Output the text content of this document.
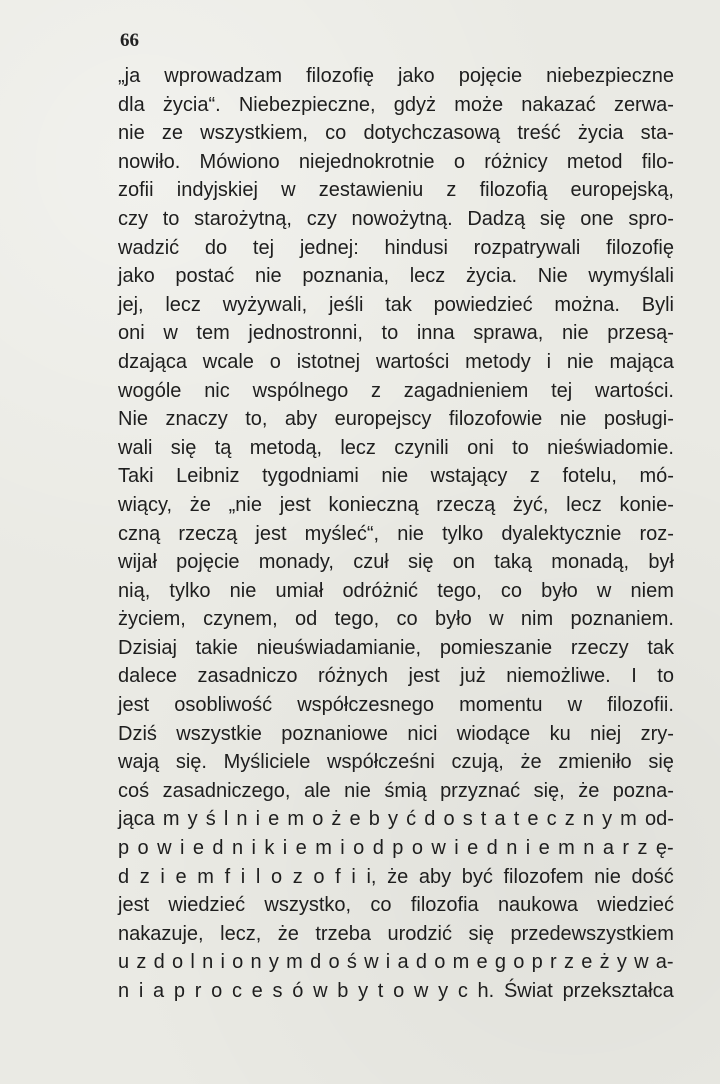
66
„ja wprowadzam filozofię jako pojęcie niebezpieczne
dla życia“. Niebezpieczne, gdyż może nakazać zerwa-
nie ze wszystkiem, co dotychczasową treść życia sta-
nowiło. Mówiono niejednokrotnie o różnicy metod filo-
zofii indyjskiej w zestawieniu z filozofią europejską,
czy to starożytną, czy nowożytną. Dadzą się one spro-
wadzić do tej jednej: hindusi rozpatrywali filozofię
jako postać nie poznania, lecz życia. Nie wymyślali
jej, lecz wyżywali, jeśli tak powiedzieć można. Byli
oni w tem jednostronni, to inna sprawa, nie przesą-
dzająca wcale o istotnej wartości metody i nie mająca
wogóle nic wspólnego z zagadnieniem tej wartości.
Nie znaczy to, aby europejscy filozofowie nie posługi-
wali się tą metodą, lecz czynili oni to nieświadomie.
Taki Leibniz tygodniami nie wstający z fotelu, mó-
wiący, że „nie jest konieczną rzeczą żyć, lecz konie-
czną rzeczą jest myśleć“, nie tylko dyalektycznie roz-
wijał pojęcie monady, czuł się on taką monadą, był
nią, tylko nie umiał odróżnić tego, co było w niem
życiem, czynem, od tego, co było w nim poznaniem.
Dzisiaj takie nieuświadamianie, pomieszanie rzeczy tak
dalece zasadniczo różnych jest już niemożliwe. I to
jest osobliwość współczesnego momentu w filozofii.
Dziś wszystkie poznaniowe nici wiodące ku niej zry-
wają się. Myśliciele współcześni czują, że zmieniło się
coś zasadniczego, ale nie śmią przyznać się, że pozna-
jąca m y ś l n i e m o ż e b y ć d o s t a t e c z n y m od-
p o w i e d n i k i e m i o d p o w i e d n i e m n a r z ę-
d z i e m f i l o z o f i i, że aby być filozofem nie dość
jest wiedzieć wszystko, co filozofia naukowa wiedzieć
nakazuje, lecz, że trzeba urodzić się przedewszystkiem
u z d o l n i o n y m d o ś w i a d o m e g o p r z e ż y w a-
n i a p r o c e s ó w b y t o w y c h. Świat przekształca
